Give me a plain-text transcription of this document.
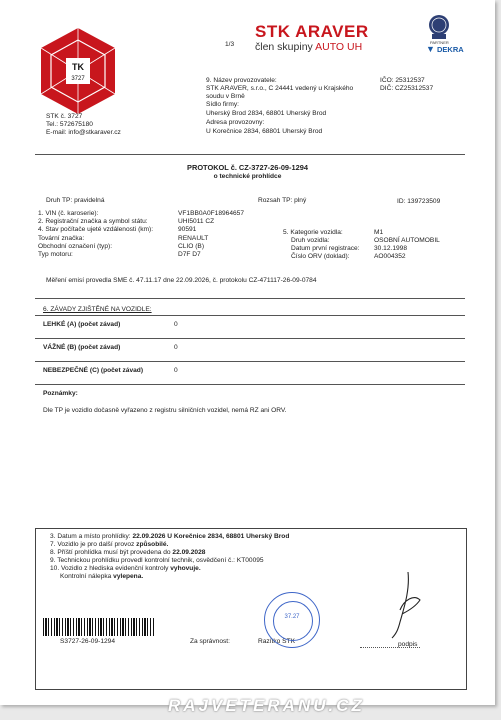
TK
3727
1/3
STK ARAVER
člen skupiny AUTO UH	PARTNER
▼ DEKRA
STK č. 3727
Tel.: 572675180
E-mail: info@stkaraver.cz
9. Název provozovatele:
STK ARAVER, s.r.o., C 24441 vedený u Krajského
soudu v Brně
Sídlo firmy:
Uherský Brod 2834, 68801 Uherský Brod
Adresa provozovny:
U Korečnice 2834, 68801 Uherský Brod
IČO: 25312537
DIČ: CZ25312537
PROTOKOL č. CZ-3727-26-09-1294
o technické prohlídce
Druh TP: pravidelná	Rozsah TP: plný	ID: 139723509
1. VIN (č. karoserie):	VF1BB0A0F18964657
2. Registrační značka a symbol státu:	UHI5011 CZ
4. Stav počítače ujeté vzdálenosti (km):	90591
Tovární značka:	RENAULT
Obchodní označení (typ):	CLIO (B)
Typ motoru:	D7F D7
5. Kategorie vozidla:	M1
Druh vozidla:	OSOBNÍ AUTOMOBIL
Datum první registrace: 30.12.1998
Číslo ORV (doklad):	AO004352
Měření emisí provedla SME č. 47.11.17 dne 22.09.2026, č. protokolu CZ-471117-26-09-0784
6. ZÁVADY ZJIŠTĚNÉ NA VOZIDLE:
LEHKÉ (A) (počet závad)	0
VÁŽNÉ (B) (počet závad)	0
NEBEZPEČNÉ (C) (počet závad)	0
Poznámky:
Dle TP je vozidlo dočasně vyřazeno z registru silničních vozidel, nemá RZ ani ORV.
3. Datum a místo prohlídky: 22.09.2026 U Korečnice 2834, 68801 Uherský Brod
7. Vozidlo je pro další provoz způsobilé.
8. Příští prohlídka musí být provedena do 22.09.2028
9. Technickou prohlídku provedl kontrolní technik, osvědčení č.: KT00095
10. Vozidlo z hlediska evidenční kontroly vyhovuje.
Kontrolní nálepka vylepena.
S3727-26-09-1294	Za správnost:	Razítko STK
37.27
podpis
RAJVETERANU.CZ
